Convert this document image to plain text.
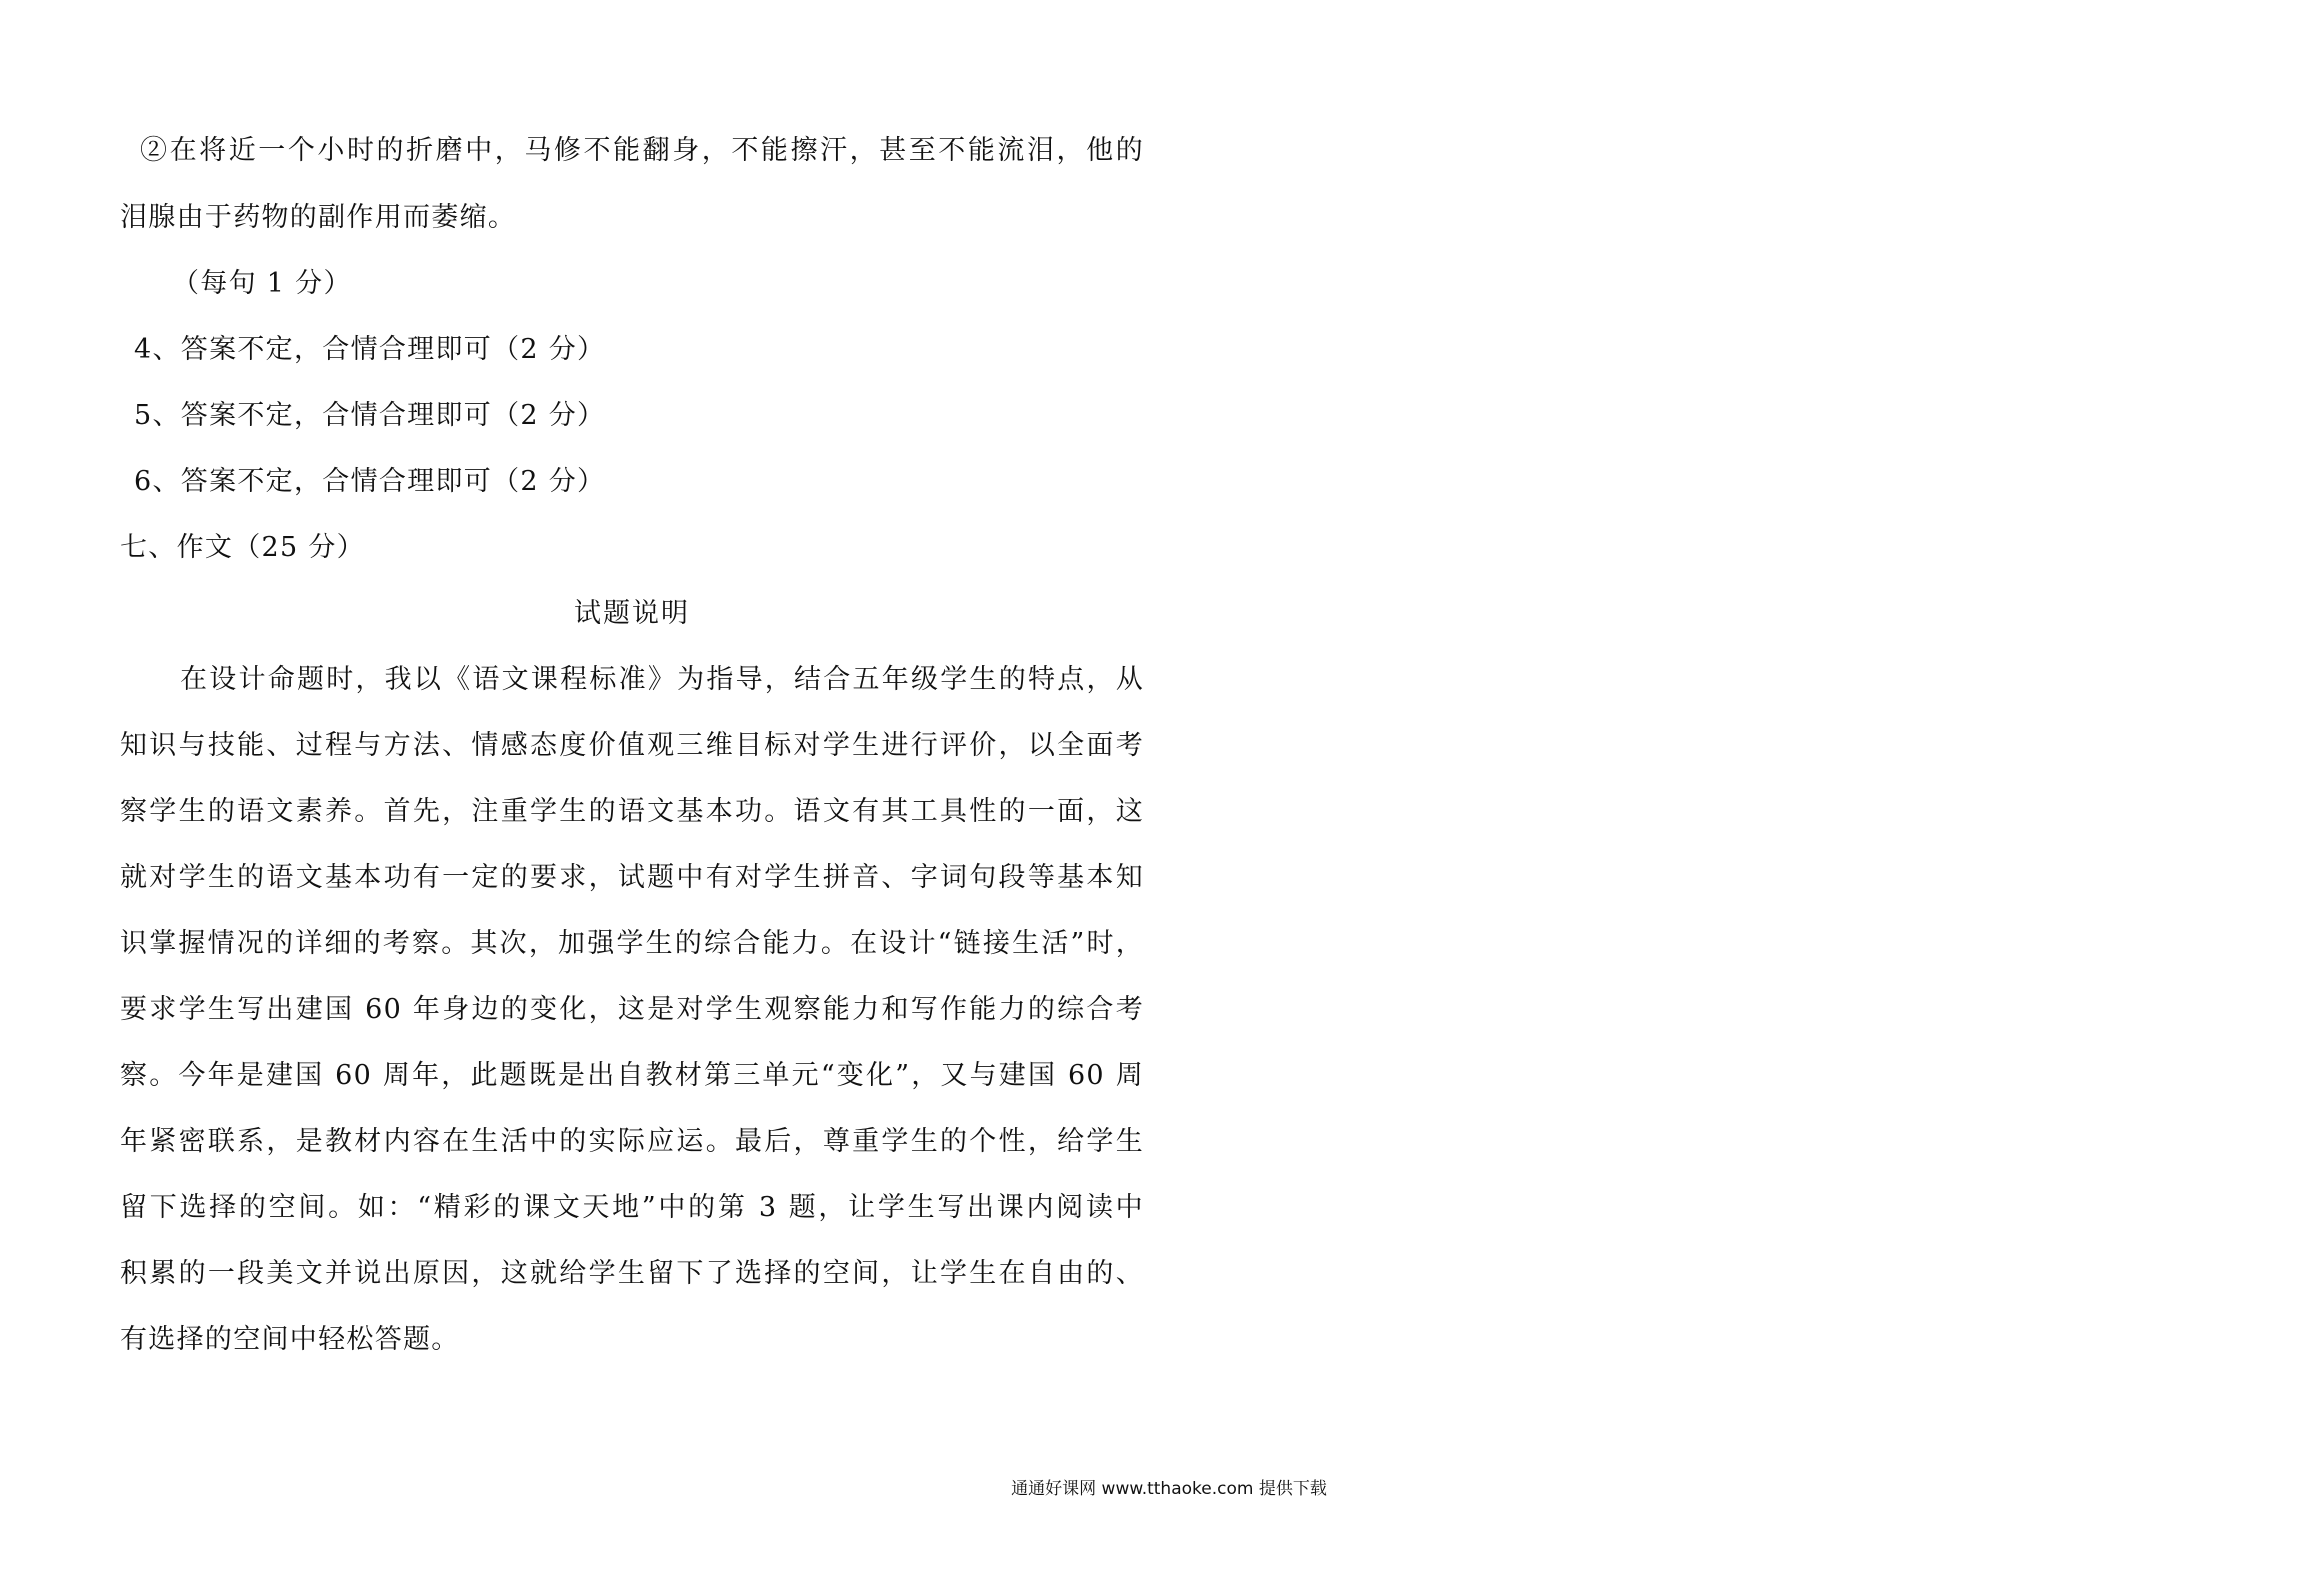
②在将近一个小时的折磨中，马修不能翻身，不能擦汗，甚至不能流泪，他的
泪腺由于药物的副作用而萎缩。
（每句 1 分）
4、答案不定，合情合理即可（2 分）
5、答案不定，合情合理即可（2 分）
6、答案不定，合情合理即可（2 分）
七、作文（25 分）
试题说明
在设计命题时，我以《语文课程标准》为指导，结合五年级学生的特点，从
知识与技能、过程与方法、情感态度价值观三维目标对学生进行评价，以全面考
察学生的语文素养。首先，注重学生的语文基本功。语文有其工具性的一面，这
就对学生的语文基本功有一定的要求，试题中有对学生拼音、字词句段等基本知
识掌握情况的详细的考察。其次，加强学生的综合能力。在设计“链接生活”时，
要求学生写出建国 60 年身边的变化，这是对学生观察能力和写作能力的综合考
察。今年是建国 60 周年，此题既是出自教材第三单元“变化”，又与建国 60 周
年紧密联系，是教材内容在生活中的实际应运。最后，尊重学生的个性，给学生
留下选择的空间。如：“精彩的课文天地”中的第 3 题，让学生写出课内阅读中
积累的一段美文并说出原因，这就给学生留下了选择的空间，让学生在自由的、
有选择的空间中轻松答题。
通通好课网 www.tthaoke.com 提供下载
